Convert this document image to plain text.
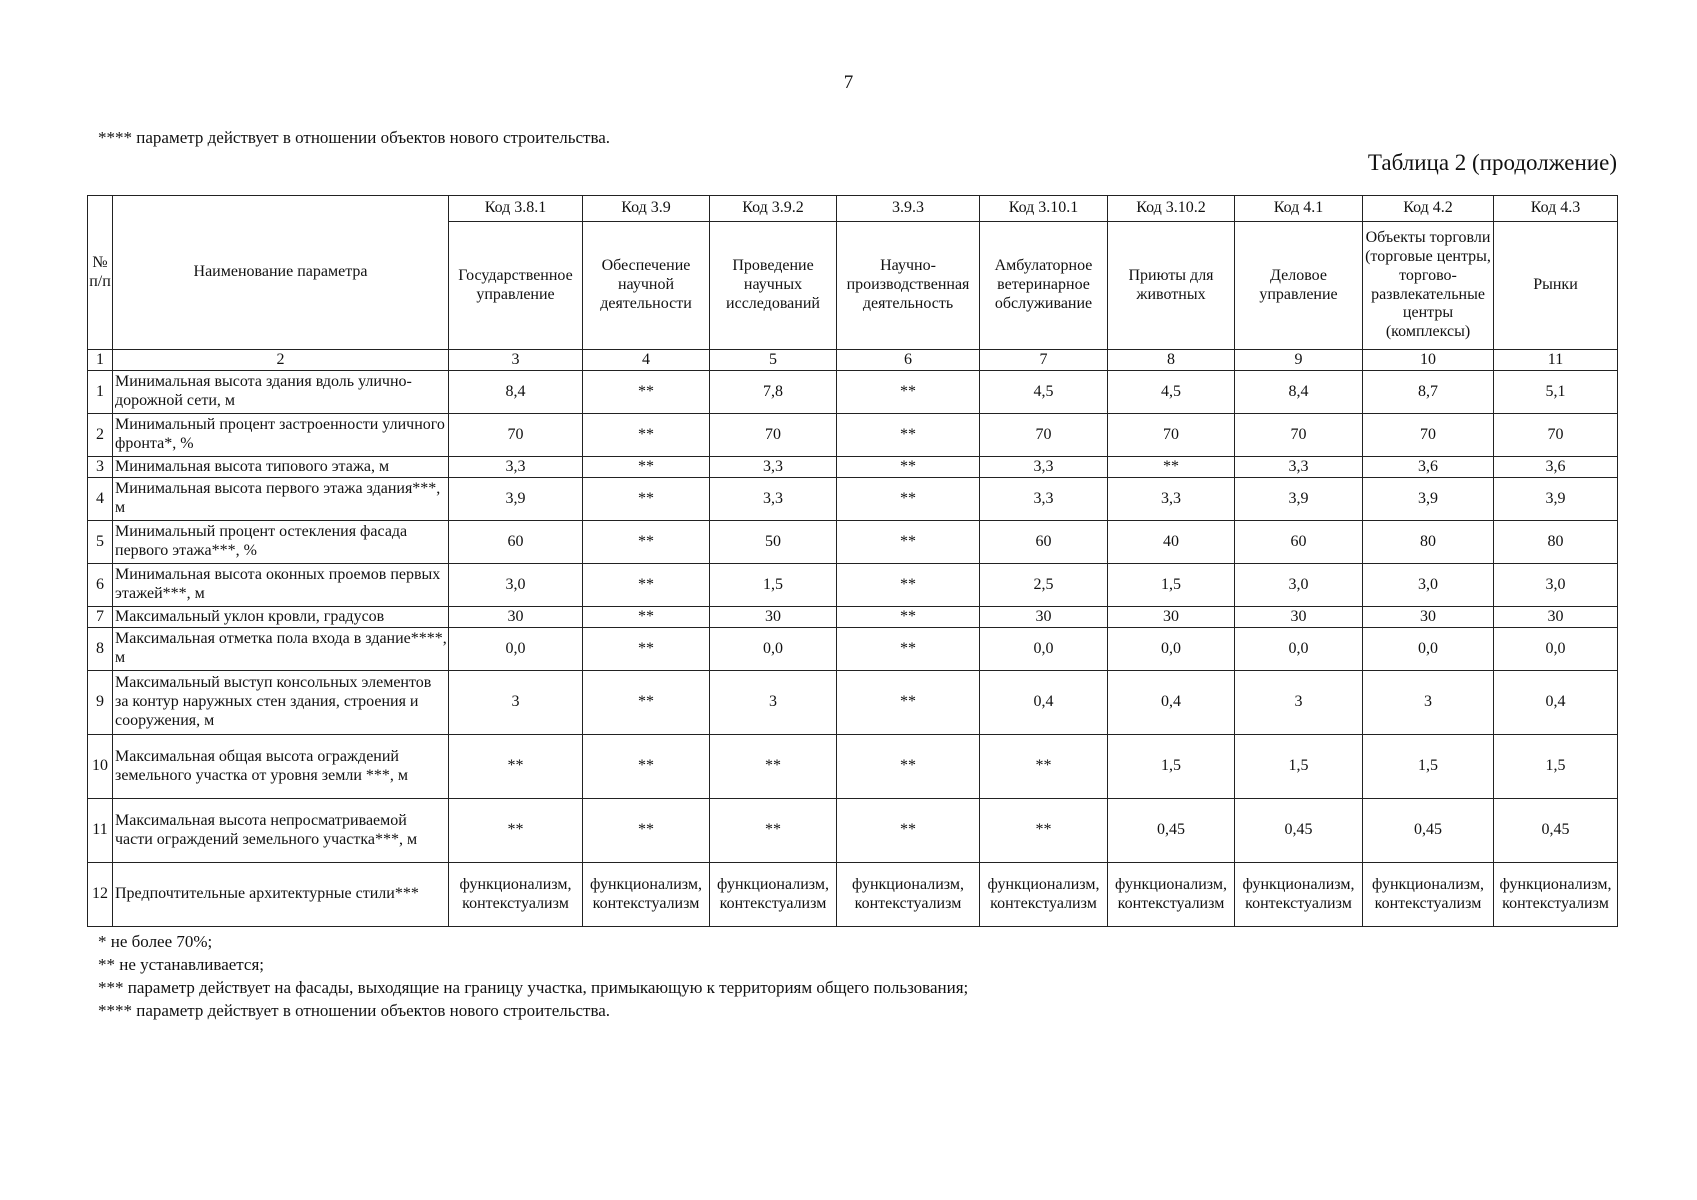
7
**** параметр действует в отношении объектов нового строительства.
Таблица 2 (продолжение)
№ п/п	Наименование параметра	Код 3.8.1	Код 3.9	Код 3.9.2	3.9.3	Код 3.10.1	Код 3.10.2	Код 4.1	Код 4.2	Код 4.3
		Государственное управление	Обеспечение научной деятельности	Проведение научных исследований	Научно-производственная деятельность	Амбулаторное ветеринарное обслуживание	Приюты для животных	Деловое управление	Объекты торговли (торговые центры, торгово-развлекательные центры (комплексы)	Рынки
1	2	3	4	5	6	7	8	9	10	11
1	Минимальная высота здания вдоль улично-дорожной сети, м	8,4	**	7,8	**	4,5	4,5	8,4	8,7	5,1
2	Минимальный процент застроенности уличного фронта*, %	70	**	70	**	70	70	70	70	70
3	Минимальная высота типового этажа, м	3,3	**	3,3	**	3,3	**	3,3	3,6	3,6
4	Минимальная высота первого этажа здания***, м	3,9	**	3,3	**	3,3	3,3	3,9	3,9	3,9
5	Минимальный процент остекления фасада первого этажа***, %	60	**	50	**	60	40	60	80	80
6	Минимальная высота оконных проемов первых этажей***, м	3,0	**	1,5	**	2,5	1,5	3,0	3,0	3,0
7	Максимальный уклон кровли, градусов	30	**	30	**	30	30	30	30	30
8	Максимальная отметка пола входа в здание****, м	0,0	**	0,0	**	0,0	0,0	0,0	0,0	0,0
9	Максимальный выступ консольных элементов за контур наружных стен здания, строения и сооружения, м	3	**	3	**	0,4	0,4	3	3	0,4
10	Максимальная общая высота ограждений земельного участка от уровня земли ***, м	**	**	**	**	**	1,5	1,5	1,5	1,5
11	Максимальная высота непросматриваемой части ограждений земельного участка***, м	**	**	**	**	**	0,45	0,45	0,45	0,45
12	Предпочтительные архитектурные стили***	функционализм, контекстуализм	функционализм, контекстуализм	функционализм, контекстуализм	функционализм, контекстуализм	функционализм, контекстуализм	функционализм, контекстуализм	функционализм, контекстуализм	функционализм, контекстуализм	функционализм, контекстуализм
* не более 70%;
** не устанавливается;
*** параметр действует на фасады, выходящие на границу участка, примыкающую к территориям общего пользования;
**** параметр действует в отношении объектов нового строительства.
